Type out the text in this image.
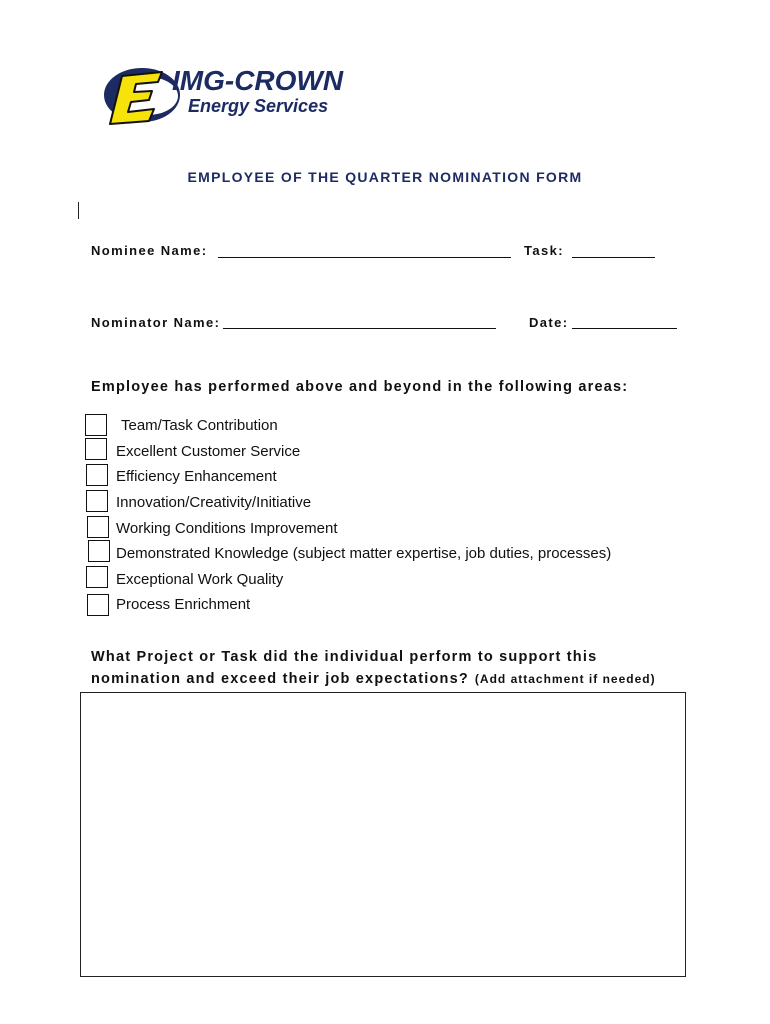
IMG-CROWN
Energy Services
EMPLOYEE OF THE QUARTER NOMINATION FORM
Nominee Name:	Task:
Nominator Name:	Date:
Employee has performed above and beyond in the following areas:
Team/Task Contribution
Excellent Customer Service
Efficiency Enhancement
Innovation/Creativity/Initiative
Working Conditions Improvement
Demonstrated Knowledge (subject matter expertise, job duties, processes)
Exceptional Work Quality
Process Enrichment
What Project or Task did the individual perform to support this
nomination and exceed their job expectations? (Add attachment if needed)
